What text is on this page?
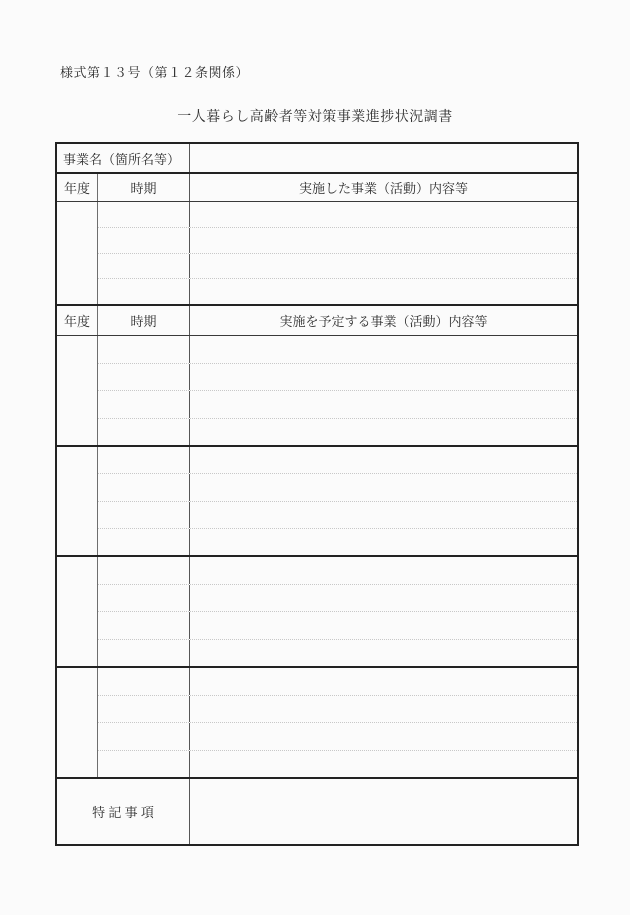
様式第１３号（第１２条関係）
一人暮らし高齢者等対策事業進捗状況調書
事業名（箇所名等）
年度	時期	実施した事業（活動）内容等
年度	時期	実施を予定する事業（活動）内容等
特 記 事 項
